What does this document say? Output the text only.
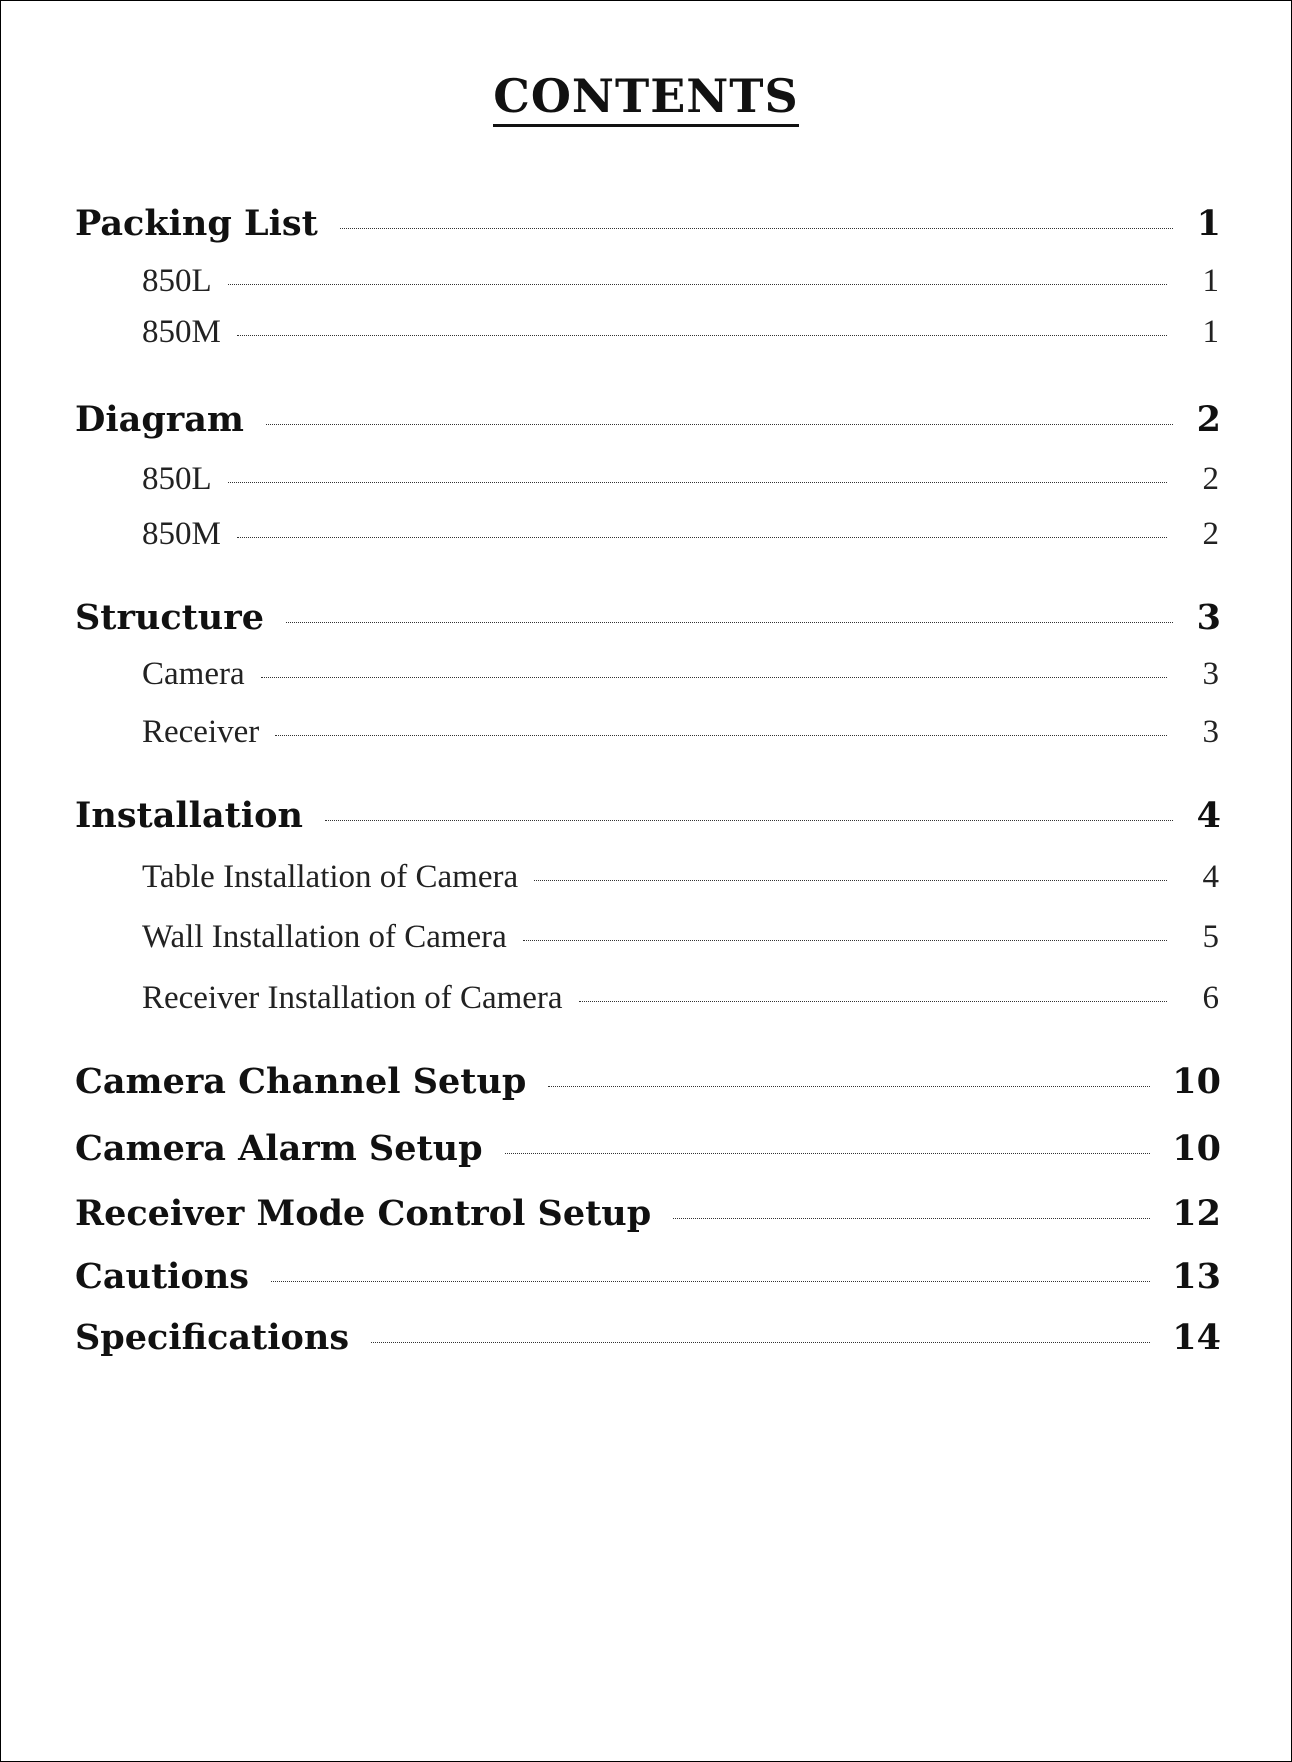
CONTENTS
Packing List	1
850L	1
850M	1
Diagram	2
850L	2
850M	2
Structure	3
Camera	3
Receiver	3
Installation	4
Table Installation of Camera	4
Wall Installation of Camera	5
Receiver Installation of Camera	6
Camera Channel Setup	10
Camera Alarm Setup	10
Receiver Mode Control Setup	12
Cautions	13
Specifications	14
